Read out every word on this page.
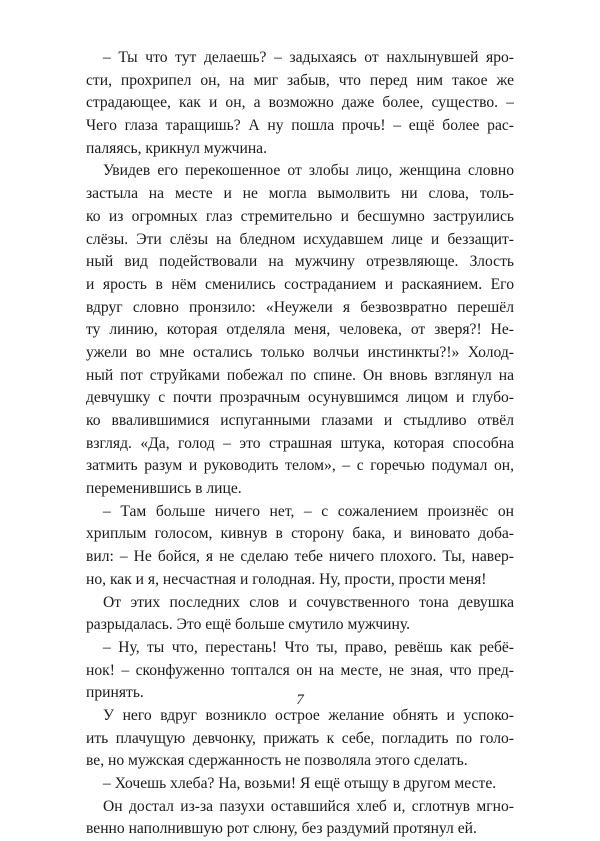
– Ты что тут делаешь? – задыхаясь от нахлынувшей яро-
сти, прохрипел он, на миг забыв, что перед ним такое же
страдающее, как и он, а возможно даже более, существо. –
Чего глаза таращишь? А ну пошла прочь! – ещё более рас-
паляясь, крикнул мужчина.
Увидев его перекошенное от злобы лицо, женщина словно
застыла на месте и не могла вымолвить ни слова, толь-
ко из огромных глаз стремительно и бесшумно заструились
слёзы. Эти слёзы на бледном исхудавшем лице и беззащит-
ный вид подействовали на мужчину отрезвляюще. Злость
и ярость в нём сменились состраданием и раскаянием. Его
вдруг словно пронзило: «Неужели я безвозвратно перешёл
ту линию, которая отделяла меня, человека, от зверя?! Не-
ужели во мне остались только волчьи инстинкты?!» Холод-
ный пот струйками побежал по спине. Он вновь взглянул на
девчушку с почти прозрачным осунувшимся лицом и глубо-
ко ввалившимися испуганными глазами и стыдливо отвёл
взгляд. «Да, голод – это страшная штука, которая способна
затмить разум и руководить телом», – с горечью подумал он,
переменившись в лице.
– Там больше ничего нет, – с сожалением произнёс он
хриплым голосом, кивнув в сторону бака, и виновато доба-
вил: – Не бойся, я не сделаю тебе ничего плохого. Ты, навер-
но, как и я, несчастная и голодная. Ну, прости, прости меня!
От этих последних слов и сочувственного тона девушка
разрыдалась. Это ещё больше смутило мужчину.
– Ну, ты что, перестань! Что ты, право, ревёшь как ребё-
нок! – сконфуженно топтался он на месте, не зная, что пред-
принять.
У него вдруг возникло острое желание обнять и успоко-
ить плачущую девчонку, прижать к себе, погладить по голо-
ве, но мужская сдержанность не позволяла этого сделать.
– Хочешь хлеба? На, возьми! Я ещё отыщу в другом месте.
Он достал из-за пазухи оставшийся хлеб и, сглотнув мгно-
венно наполнившую рот слюну, без раздумий протянул ей.
7
